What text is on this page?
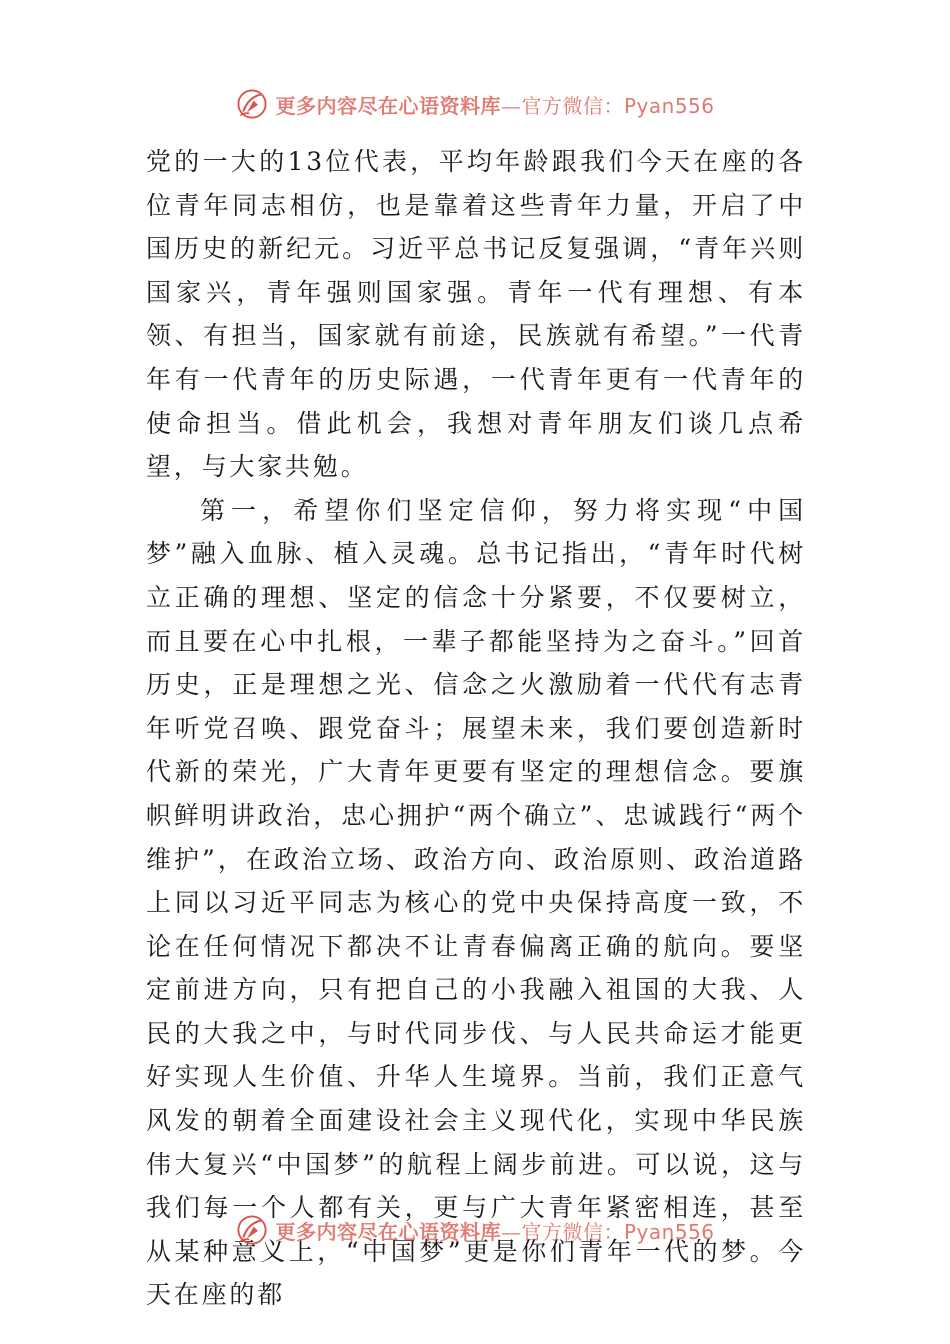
更多内容尽在心语资料库—官方微信：Pyan556

党的一大的13位代表，平均年龄跟我们今天在座的各位青年同志相仿，也是靠着这些青年力量，开启了中国历史的新纪元。习近平总书记反复强调，“青年兴则国家兴，青年强则国家强。青年一代有理想、有本领、有担当，国家就有前途，民族就有希望。”一代青年有一代青年的历史际遇，一代青年更有一代青年的使命担当。借此机会，我想对青年朋友们谈几点希望，与大家共勉。

第一，希望你们坚定信仰，努力将实现“中国梦”融入血脉、植入灵魂。总书记指出，“青年时代树立正确的理想、坚定的信念十分紧要，不仅要树立，而且要在心中扎根，一辈子都能坚持为之奋斗。”回首历史，正是理想之光、信念之火激励着一代代有志青年听党召唤、跟党奋斗；展望未来，我们要创造新时代新的荣光，广大青年更要有坚定的理想信念。要旗帜鲜明讲政治，忠心拥护“两个确立”、忠诚践行“两个维护”，在政治立场、政治方向、政治原则、政治道路上同以习近平同志为核心的党中央保持高度一致，不论在任何情况下都决不让青春偏离正确的航向。要坚定前进方向，只有把自己的小我融入祖国的大我、人民的大我之中，与时代同步伐、与人民共命运才能更好实现人生价值、升华人生境界。当前，我们正意气风发的朝着全面建设社会主义现代化，实现中华民族伟大复兴“中国梦”的航程上阔步前进。可以说，这与我们每一个人都有关，更与广大青年紧密相连，甚至从某种意义上，“中国梦”更是你们青年一代的梦。今天在座的都

更多内容尽在心语资料库—官方微信：Pyan556
